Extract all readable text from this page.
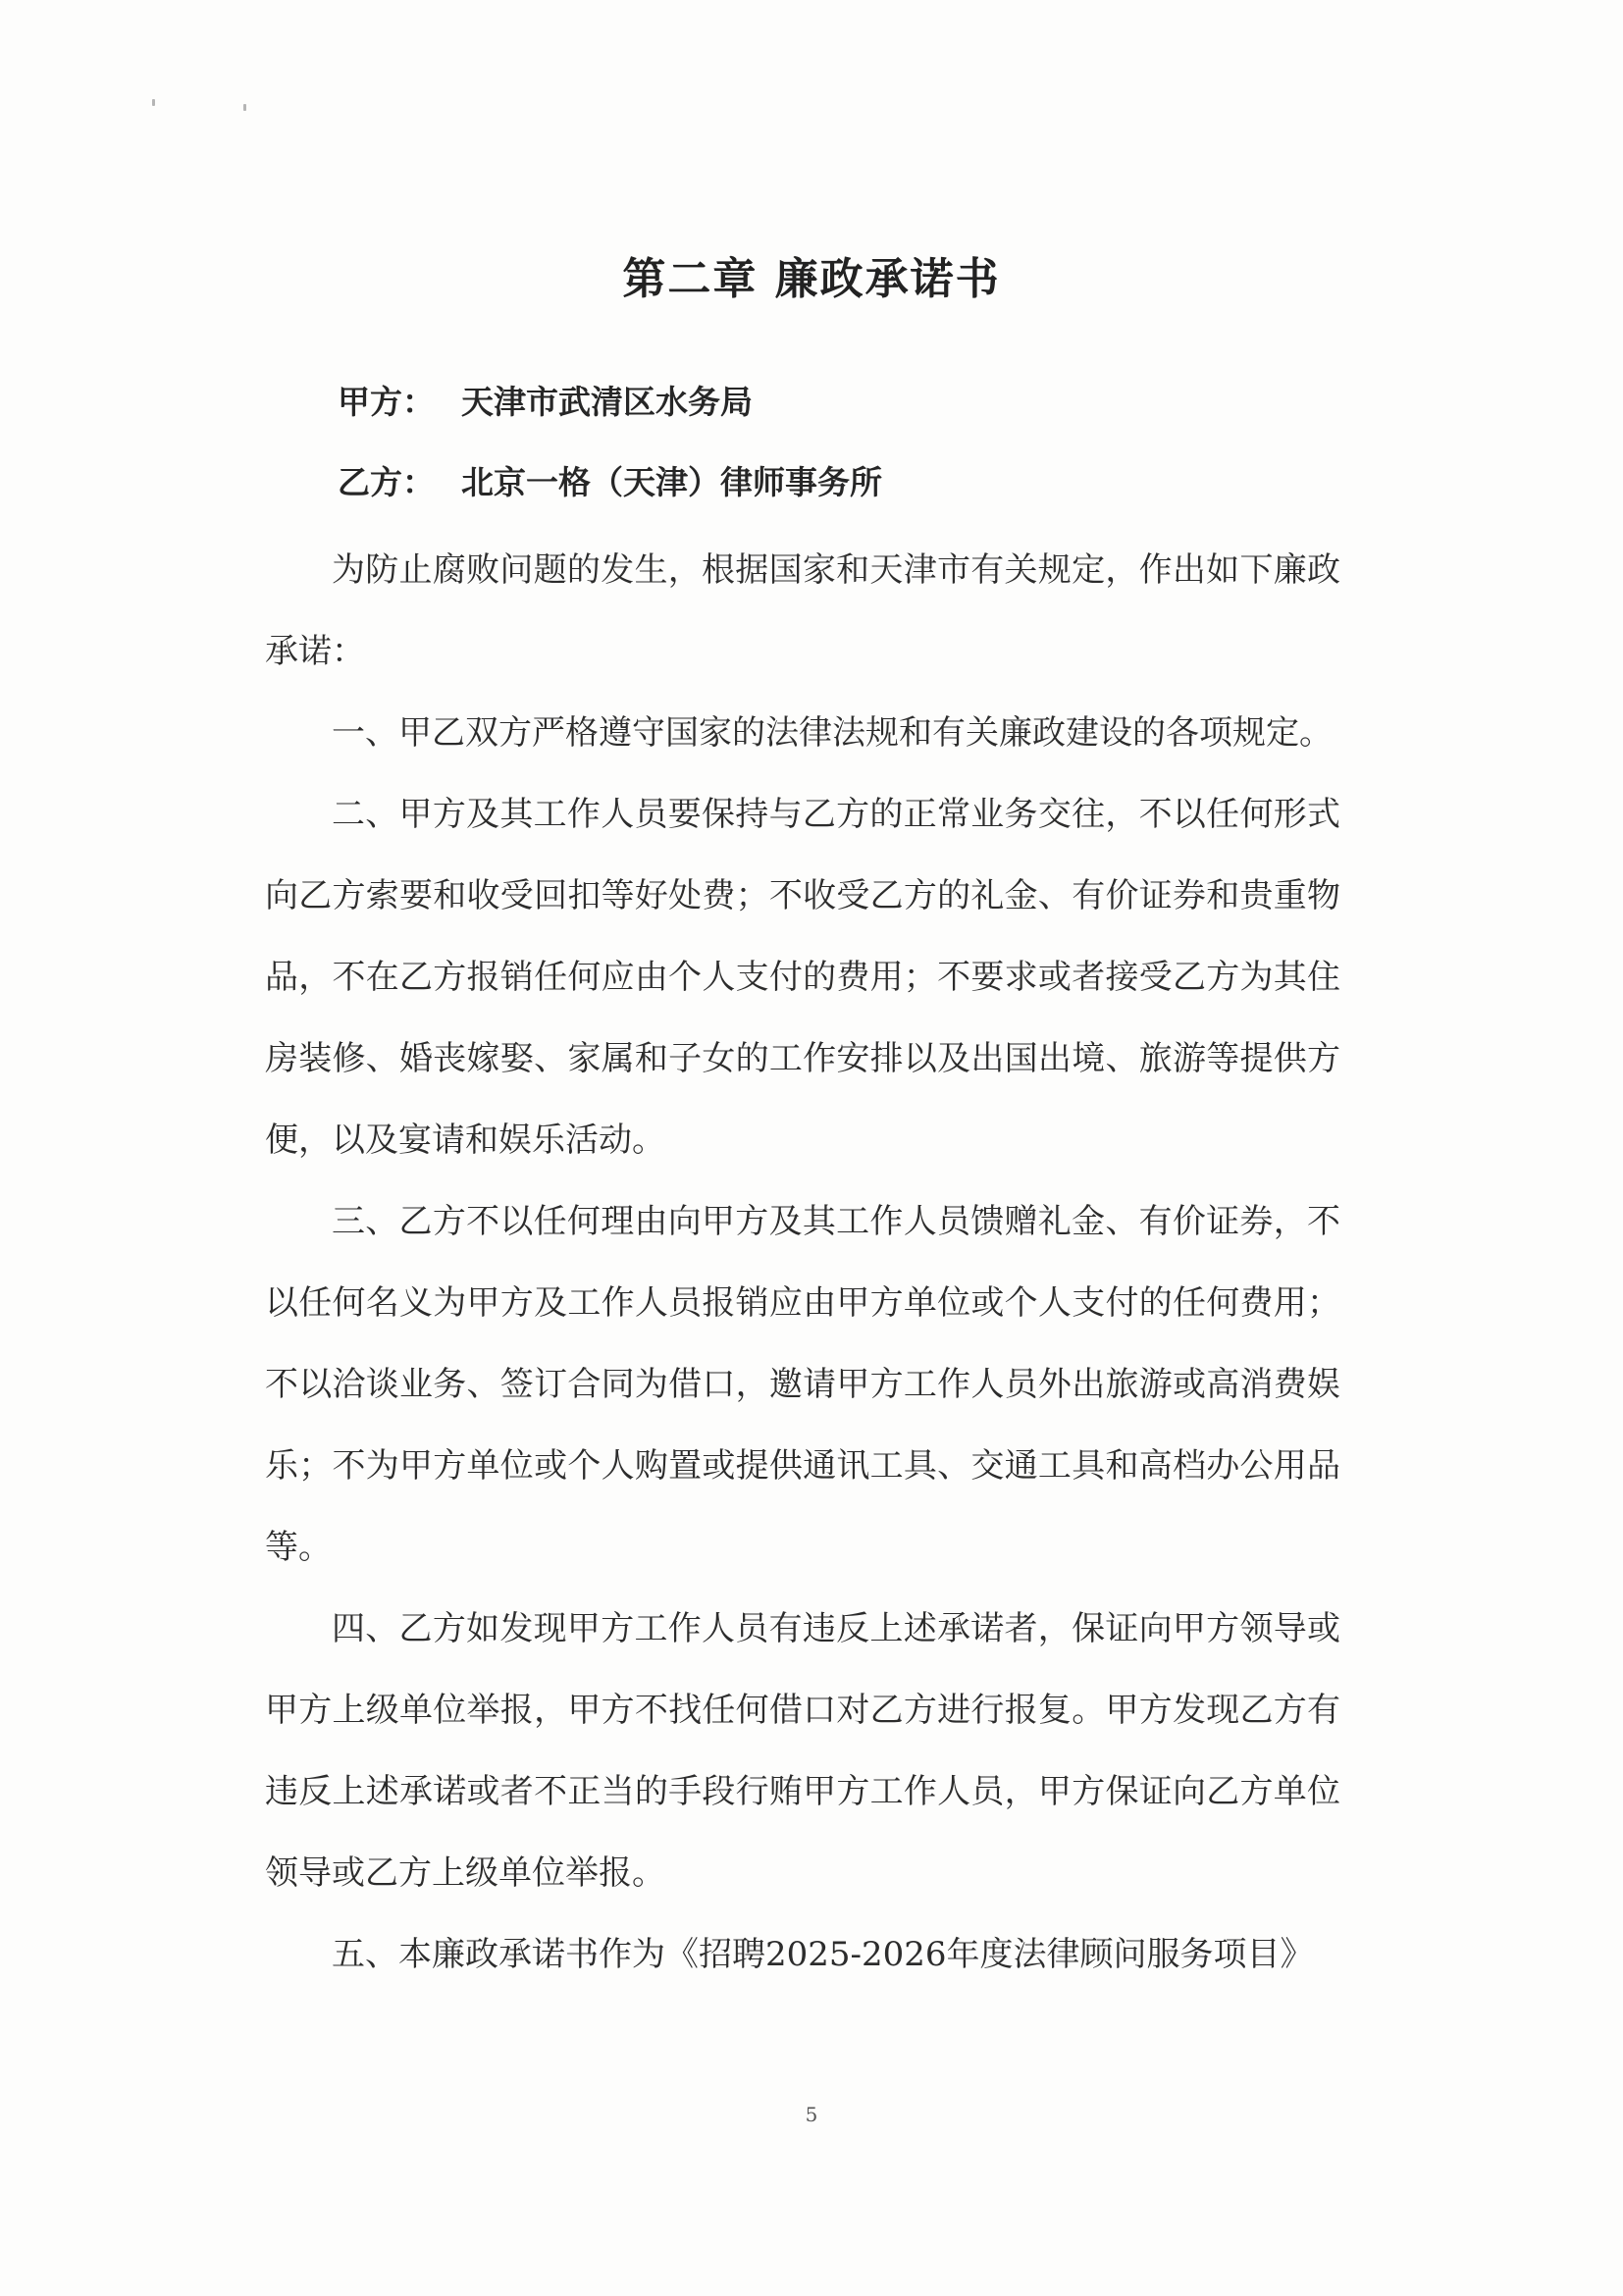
第二章 廉政承诺书
甲方： 天津市武清区水务局
乙方： 北京一格（天津）律师事务所

为防止腐败问题的发生，根据国家和天津市有关规定，作出如下廉政承诺：

一、甲乙双方严格遵守国家的法律法规和有关廉政建设的各项规定。

二、甲方及其工作人员要保持与乙方的正常业务交往，不以任何形式向乙方索要和收受回扣等好处费；不收受乙方的礼金、有价证券和贵重物品，不在乙方报销任何应由个人支付的费用；不要求或者接受乙方为其住房装修、婚丧嫁娶、家属和子女的工作安排以及出国出境、旅游等提供方便，以及宴请和娱乐活动。

三、乙方不以任何理由向甲方及其工作人员馈赠礼金、有价证券，不以任何名义为甲方及工作人员报销应由甲方单位或个人支付的任何费用；不以洽谈业务、签订合同为借口，邀请甲方工作人员外出旅游或高消费娱乐；不为甲方单位或个人购置或提供通讯工具、交通工具和高档办公用品等。

四、乙方如发现甲方工作人员有违反上述承诺者，保证向甲方领导或甲方上级单位举报，甲方不找任何借口对乙方进行报复。甲方发现乙方有违反上述承诺或者不正当的手段行贿甲方工作人员，甲方保证向乙方单位领导或乙方上级单位举报。

五、本廉政承诺书作为《招聘2025-2026年度法律顾问服务项目》

5
